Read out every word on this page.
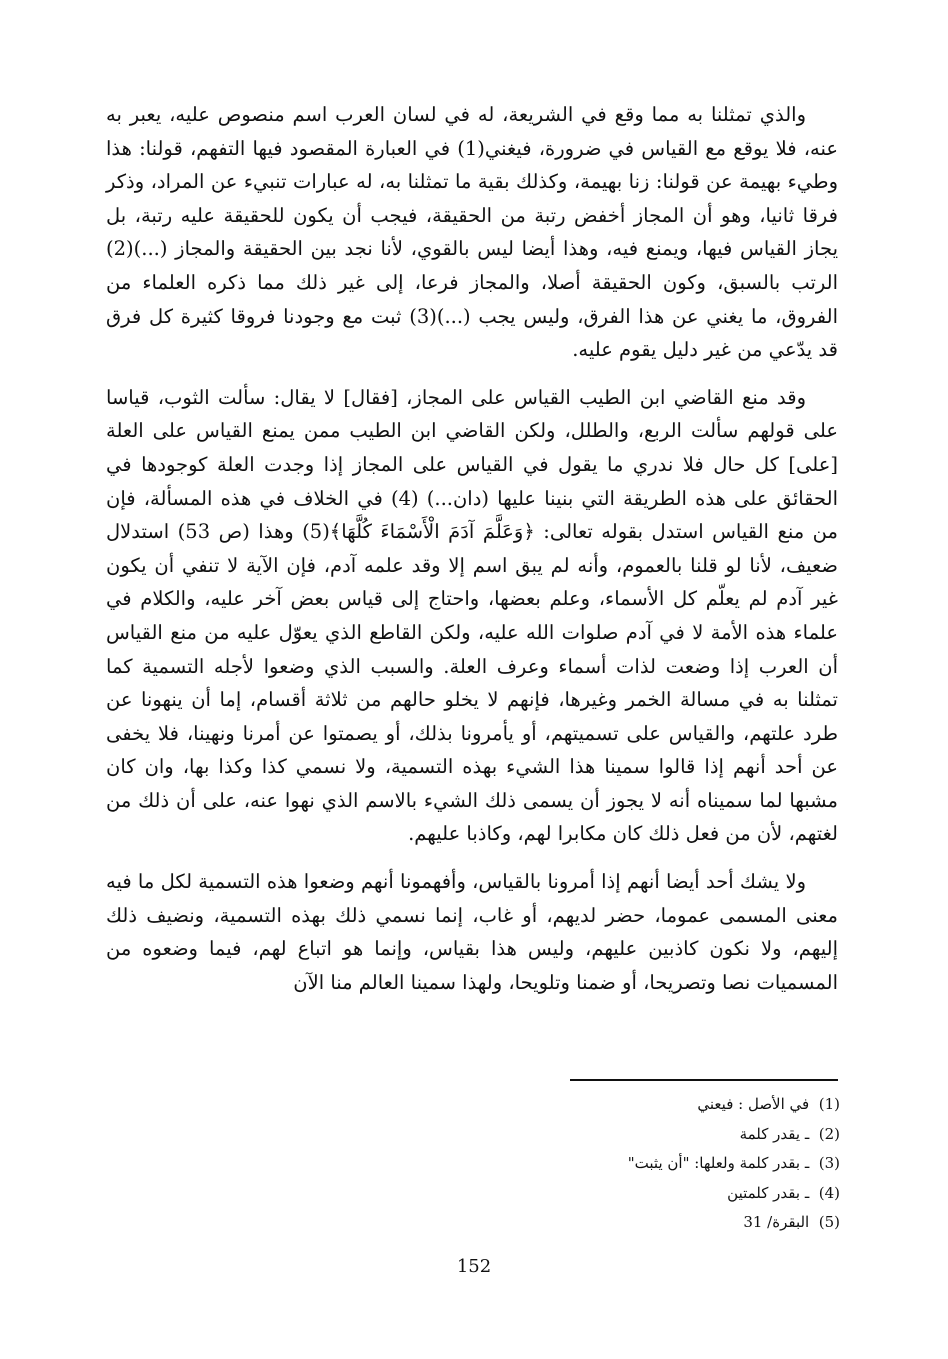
والذي تمثلنا به مما وقع في الشريعة، له في لسان العرب اسم منصوص عليه، يعبر به عنه، فلا يوقع مع القياس في ضرورة، فيغني(1) في العبارة المقصود فيها التفهم، قولنا: هذا وطيء بهيمة عن قولنا: زنا بهيمة، وكذلك بقية ما تمثلنا به، له عبارات تنبيء عن المراد، وذكر فرقا ثانيا، وهو أن المجاز أخفض رتبة من الحقيقة، فيجب أن يكون للحقيقة عليه رتبة، بل يجاز القياس فيها، ويمنع فيه، وهذا أيضا ليس بالقوي، لأنا نجد بين الحقيقة والمجاز (...)(2) الرتب بالسبق، وكون الحقيقة أصلا، والمجاز فرعا، إلى غير ذلك مما ذكره العلماء من الفروق، ما يغني عن هذا الفرق، وليس يجب (...)(3) ثبت مع وجودنا فروقا كثيرة كل فرق قد يدّعي من غير دليل يقوم عليه.

وقد منع القاضي ابن الطيب القياس على المجاز، [فقال] لا يقال: سألت الثوب، قياسا على قولهم سألت الربع، والطلل، ولكن القاضي ابن الطيب ممن يمنع القياس على العلة [على] كل حال فلا ندري ما يقول في القياس على المجاز إذا وجدت العلة كوجودها في الحقائق على هذه الطريقة التي بنينا عليها (دان...) (4) في الخلاف في هذه المسألة، فإن من منع القياس استدل بقوله تعالى: ﴿وَعَلَّمَ آدَمَ الْأَسْمَاءَ كُلَّهَا﴾(5) وهذا (ص 53) استدلال ضعيف، لأنا لو قلنا بالعموم، وأنه لم يبق اسم إلا وقد علمه آدم، فإن الآية لا تنفي أن يكون غير آدم لم يعلّم كل الأسماء، وعلم بعضها، واحتاج إلى قياس بعض آخر عليه، والكلام في علماء هذه الأمة لا في آدم صلوات الله عليه، ولكن القاطع الذي يعوّل عليه من منع القياس أن العرب إذا وضعت لذات أسماء وعرف العلة. والسبب الذي وضعوا لأجله التسمية كما تمثلنا به في مسالة الخمر وغيرها، فإنهم لا يخلو حالهم من ثلاثة أقسام، إما أن ينهونا عن طرد علتهم، والقياس على تسميتهم، أو يأمرونا بذلك، أو يصمتوا عن أمرنا ونهينا، فلا يخفى عن أحد أنهم إذا قالوا سمينا هذا الشيء بهذه التسمية، ولا نسمي كذا وكذا بها، وان كان مشبها لما سميناه أنه لا يجوز أن يسمى ذلك الشيء بالاسم الذي نهوا عنه، على أن ذلك من لغتهم، لأن من فعل ذلك كان مكابرا لهم، وكاذبا عليهم.

ولا يشك أحد أيضا أنهم إذا أمرونا بالقياس، وأفهمونا أنهم وضعوا هذه التسمية لكل ما فيه معنى المسمى عموما، حضر لديهم، أو غاب، إنما نسمي ذلك بهذه التسمية، ونضيف ذلك إليهم، ولا نكون كاذبين عليهم، وليس هذا بقياس، وإنما هو اتباع لهم، فيما وضعوه من المسميات نصا وتصريحا، أو ضمنا وتلويحا، ولهذا سمينا العالم منا الآن

(1) في الأصل : فيعني
(2) ـ يقدر كلمة
(3) ـ بقدر كلمة ولعلها: "أن يثبت"
(4) ـ بقدر كلمتين
(5) البقرة/ 31
152
